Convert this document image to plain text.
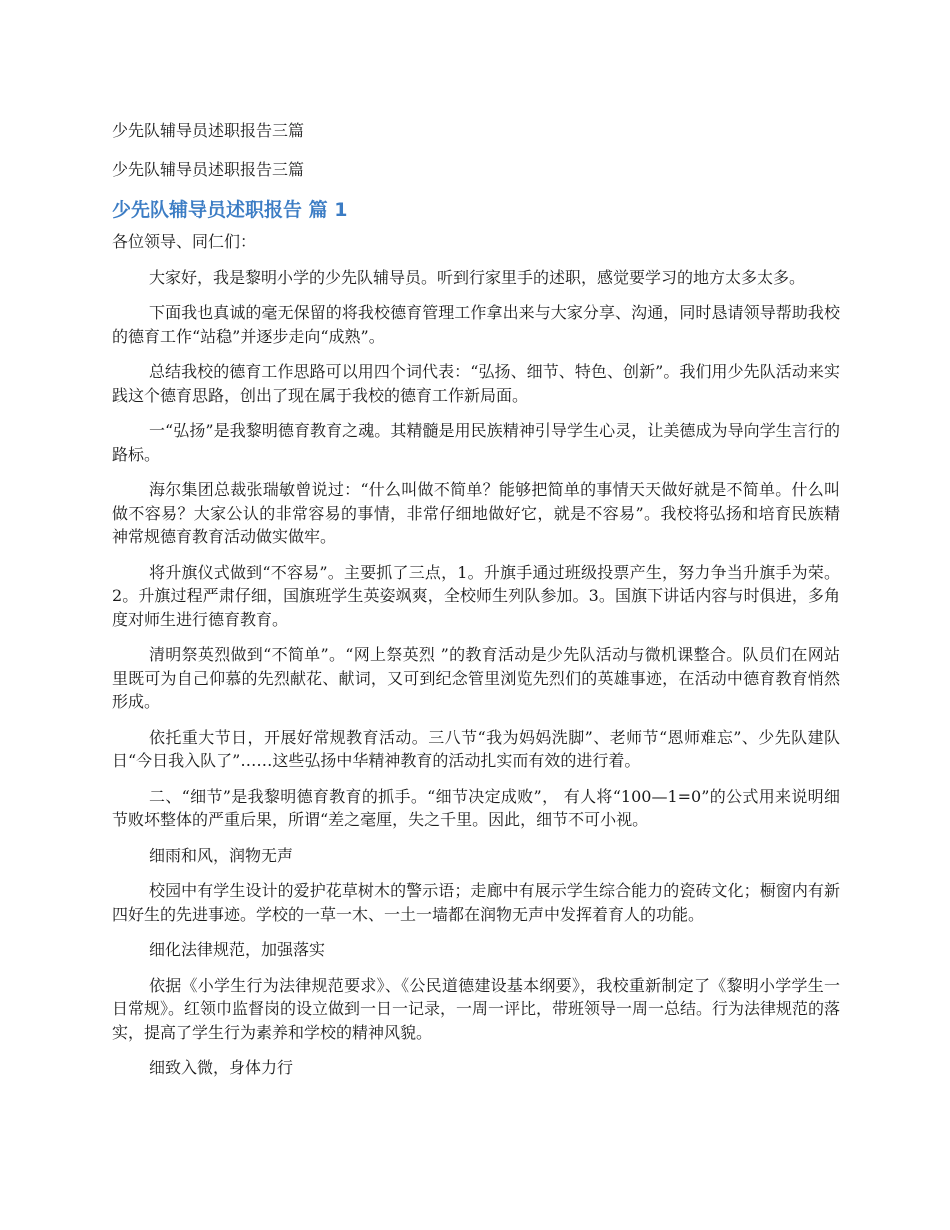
少先队辅导员述职报告三篇
少先队辅导员述职报告三篇
少先队辅导员述职报告 篇 1

各位领导、同仁们：

大家好，我是黎明小学的少先队辅导员。听到行家里手的述职，感觉要学习的地方太多太多。

下面我也真诚的毫无保留的将我校德育管理工作拿出来与大家分享、沟通，同时恳请领导帮助我校的德育工作“站稳”并逐步走向“成熟”。

总结我校的德育工作思路可以用四个词代表：“弘扬、细节、特色、创新”。我们用少先队活动来实践这个德育思路，创出了现在属于我校的德育工作新局面。

一“弘扬”是我黎明德育教育之魂。其精髓是用民族精神引导学生心灵，让美德成为导向学生言行的路标。

海尔集团总裁张瑞敏曾说过：“什么叫做不简单？能够把简单的事情天天做好就是不简单。什么叫做不容易？大家公认的非常容易的事情，非常仔细地做好它，就是不容易”。我校将弘扬和培育民族精神常规德育教育活动做实做牢。

将升旗仪式做到“不容易”。主要抓了三点，1。升旗手通过班级投票产生，努力争当升旗手为荣。2。升旗过程严肃仔细，国旗班学生英姿飒爽，全校师生列队参加。3。国旗下讲话内容与时俱进，多角度对师生进行德育教育。

清明祭英烈做到“不简单”。“网上祭英烈 ”的教育活动是少先队活动与微机课整合。队员们在网站里既可为自己仰慕的先烈献花、献词，又可到纪念管里浏览先烈们的英雄事迹，在活动中德育教育悄然形成。

依托重大节日，开展好常规教育活动。三八节“我为妈妈洗脚”、老师节“恩师难忘”、少先队建队日“今日我入队了”……这些弘扬中华精神教育的活动扎实而有效的进行着。

二、“细节”是我黎明德育教育的抓手。“细节决定成败”， 有人将“100—1=0”的公式用来说明细节败坏整体的严重后果，所谓“差之毫厘，失之千里。因此，细节不可小视。

细雨和风，润物无声

校园中有学生设计的爱护花草树木的警示语；走廊中有展示学生综合能力的瓷砖文化；橱窗内有新四好生的先进事迹。学校的一草一木、一土一墙都在润物无声中发挥着育人的功能。

细化法律规范，加强落实

依据《小学生行为法律规范要求》、《公民道德建设基本纲要》，我校重新制定了《黎明小学学生一日常规》。红领巾监督岗的设立做到一日一记录，一周一评比，带班领导一周一总结。行为法律规范的落实，提高了学生行为素养和学校的精神风貌。

细致入微，身体力行
